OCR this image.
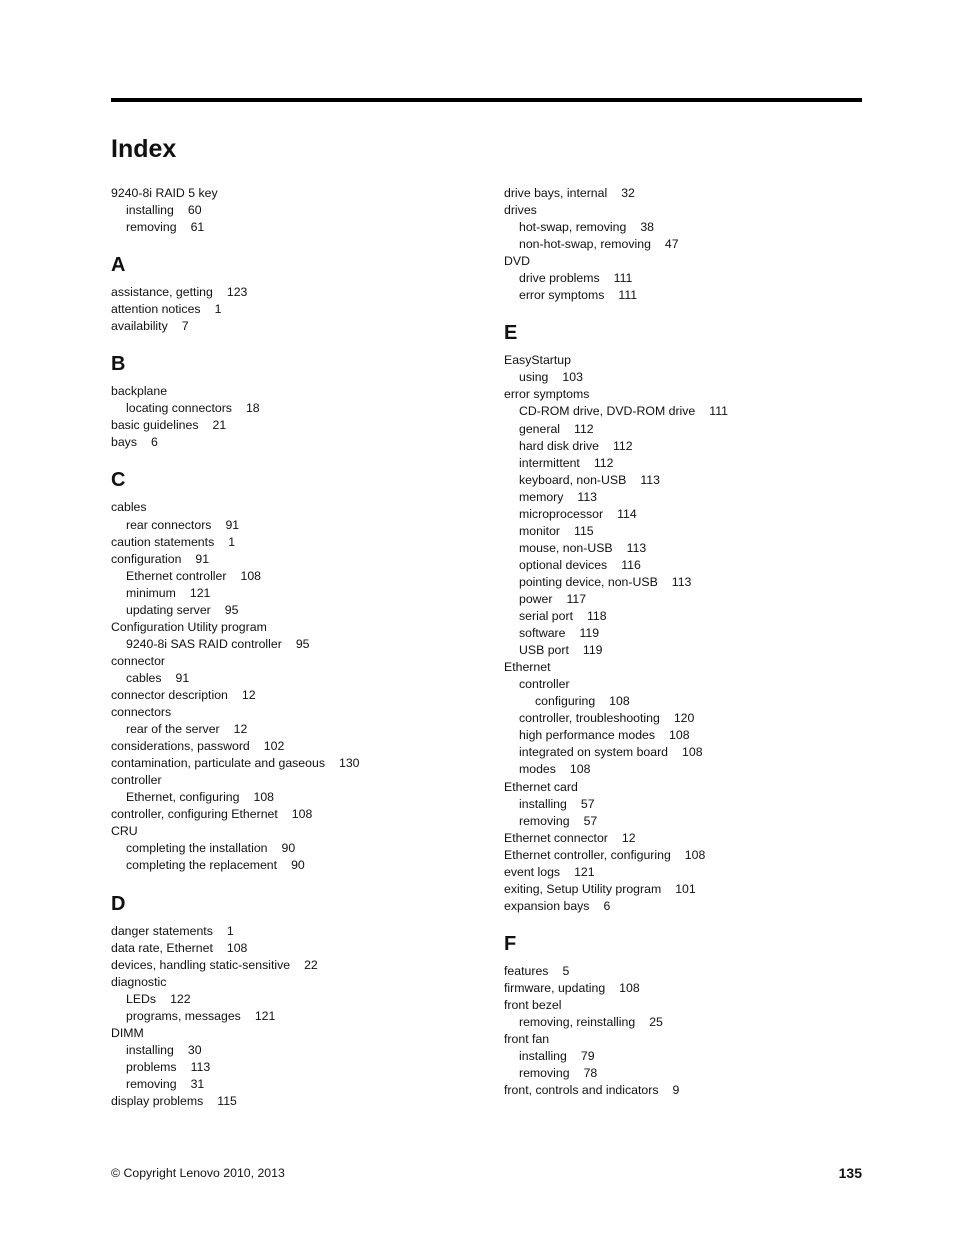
Index
9240-8i RAID 5 key
installing 60
removing 61
A
assistance, getting 123
attention notices 1
availability 7
B
backplane
locating connectors 18
basic guidelines 21
bays 6
C
cables
rear connectors 91
caution statements 1
configuration 91
Ethernet controller 108
minimum 121
updating server 95
Configuration Utility program
9240-8i SAS RAID controller 95
connector
cables 91
connector description 12
connectors
rear of the server 12
considerations, password 102
contamination, particulate and gaseous 130
controller
Ethernet, configuring 108
controller, configuring Ethernet 108
CRU
completing the installation 90
completing the replacement 90
D
danger statements 1
data rate, Ethernet 108
devices, handling static-sensitive 22
diagnostic
LEDs 122
programs, messages 121
DIMM
installing 30
problems 113
removing 31
display problems 115
drive bays, internal 32
drives
hot-swap, removing 38
non-hot-swap, removing 47
DVD
drive problems 111
error symptoms 111
E
EasyStartup
using 103
error symptoms
CD-ROM drive, DVD-ROM drive 111
general 112
hard disk drive 112
intermittent 112
keyboard, non-USB 113
memory 113
microprocessor 114
monitor 115
mouse, non-USB 113
optional devices 116
pointing device, non-USB 113
power 117
serial port 118
software 119
USB port 119
Ethernet
controller
configuring 108
controller, troubleshooting 120
high performance modes 108
integrated on system board 108
modes 108
Ethernet card
installing 57
removing 57
Ethernet connector 12
Ethernet controller, configuring 108
event logs 121
exiting, Setup Utility program 101
expansion bays 6
F
features 5
firmware, updating 108
front bezel
removing, reinstalling 25
front fan
installing 79
removing 78
front, controls and indicators 9
© Copyright Lenovo 2010, 2013	135
